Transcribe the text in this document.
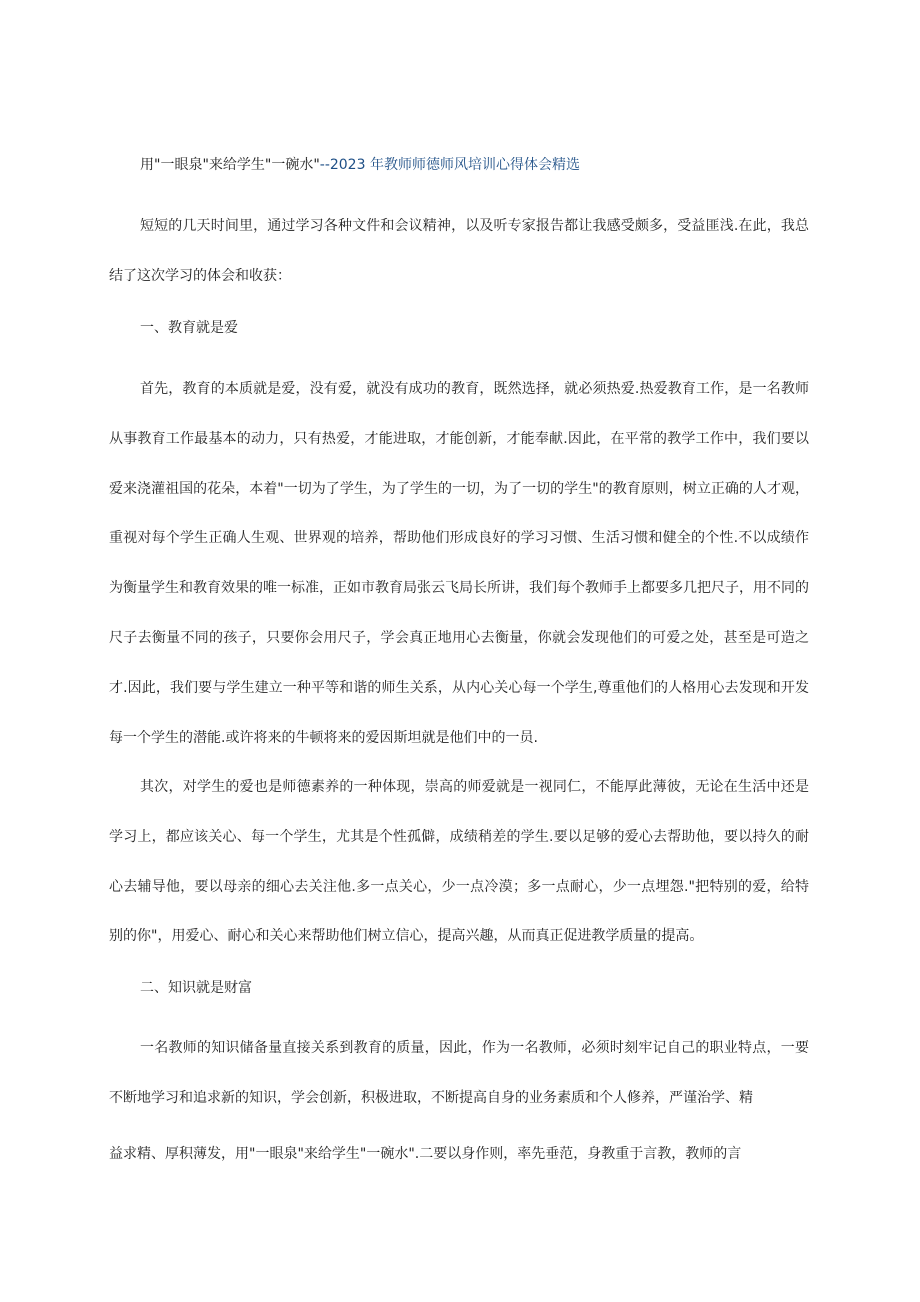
用"一眼泉"来给学生"一碗水"--2023 年教师师德师风培训心得体会精选
短短的几天时间里，通过学习各种文件和会议精神，以及听专家报告都让我感受颇多，受益匪浅.在此，我总结了这次学习的体会和收获：
一、教育就是爱
首先，教育的本质就是爱，没有爱，就没有成功的教育，既然选择，就必须热爱.热爱教育工作，是一名教师从事教育工作最基本的动力，只有热爱，才能进取，才能创新，才能奉献.因此，在平常的教学工作中，我们要以爱来浇灌祖国的花朵，本着"一切为了学生，为了学生的一切，为了一切的学生"的教育原则，树立正确的人才观，重视对每个学生正确人生观、世界观的培养，帮助他们形成良好的学习习惯、生活习惯和健全的个性.不以成绩作为衡量学生和教育效果的唯一标准，正如市教育局张云飞局长所讲，我们每个教师手上都要多几把尺子，用不同的尺子去衡量不同的孩子，只要你会用尺子，学会真正地用心去衡量，你就会发现他们的可爱之处，甚至是可造之才.因此，我们要与学生建立一种平等和谐的师生关系，从内心关心每一个学生,尊重他们的人格用心去发现和开发每一个学生的潜能.或许将来的牛顿将来的爱因斯坦就是他们中的一员.
其次，对学生的爱也是师德素养的一种体现，崇高的师爱就是一视同仁，不能厚此薄彼，无论在生活中还是学习上，都应该关心、每一个学生，尤其是个性孤僻，成绩稍差的学生.要以足够的爱心去帮助他，要以持久的耐心去辅导他，要以母亲的细心去关注他.多一点关心，少一点冷漠；多一点耐心，少一点埋怨."把特别的爱，给特别的你"，用爱心、耐心和关心来帮助他们树立信心，提高兴趣，从而真正促进教学质量的提高。
二、知识就是财富
一名教师的知识储备量直接关系到教育的质量，因此，作为一名教师，必须时刻牢记自己的职业特点，一要不断地学习和追求新的知识，学会创新，积极进取，不断提高自身的业务素质和个人修养，严谨治学、精
益求精、厚积薄发，用"一眼泉"来给学生"一碗水".二要以身作则，率先垂范，身教重于言教，教师的言
